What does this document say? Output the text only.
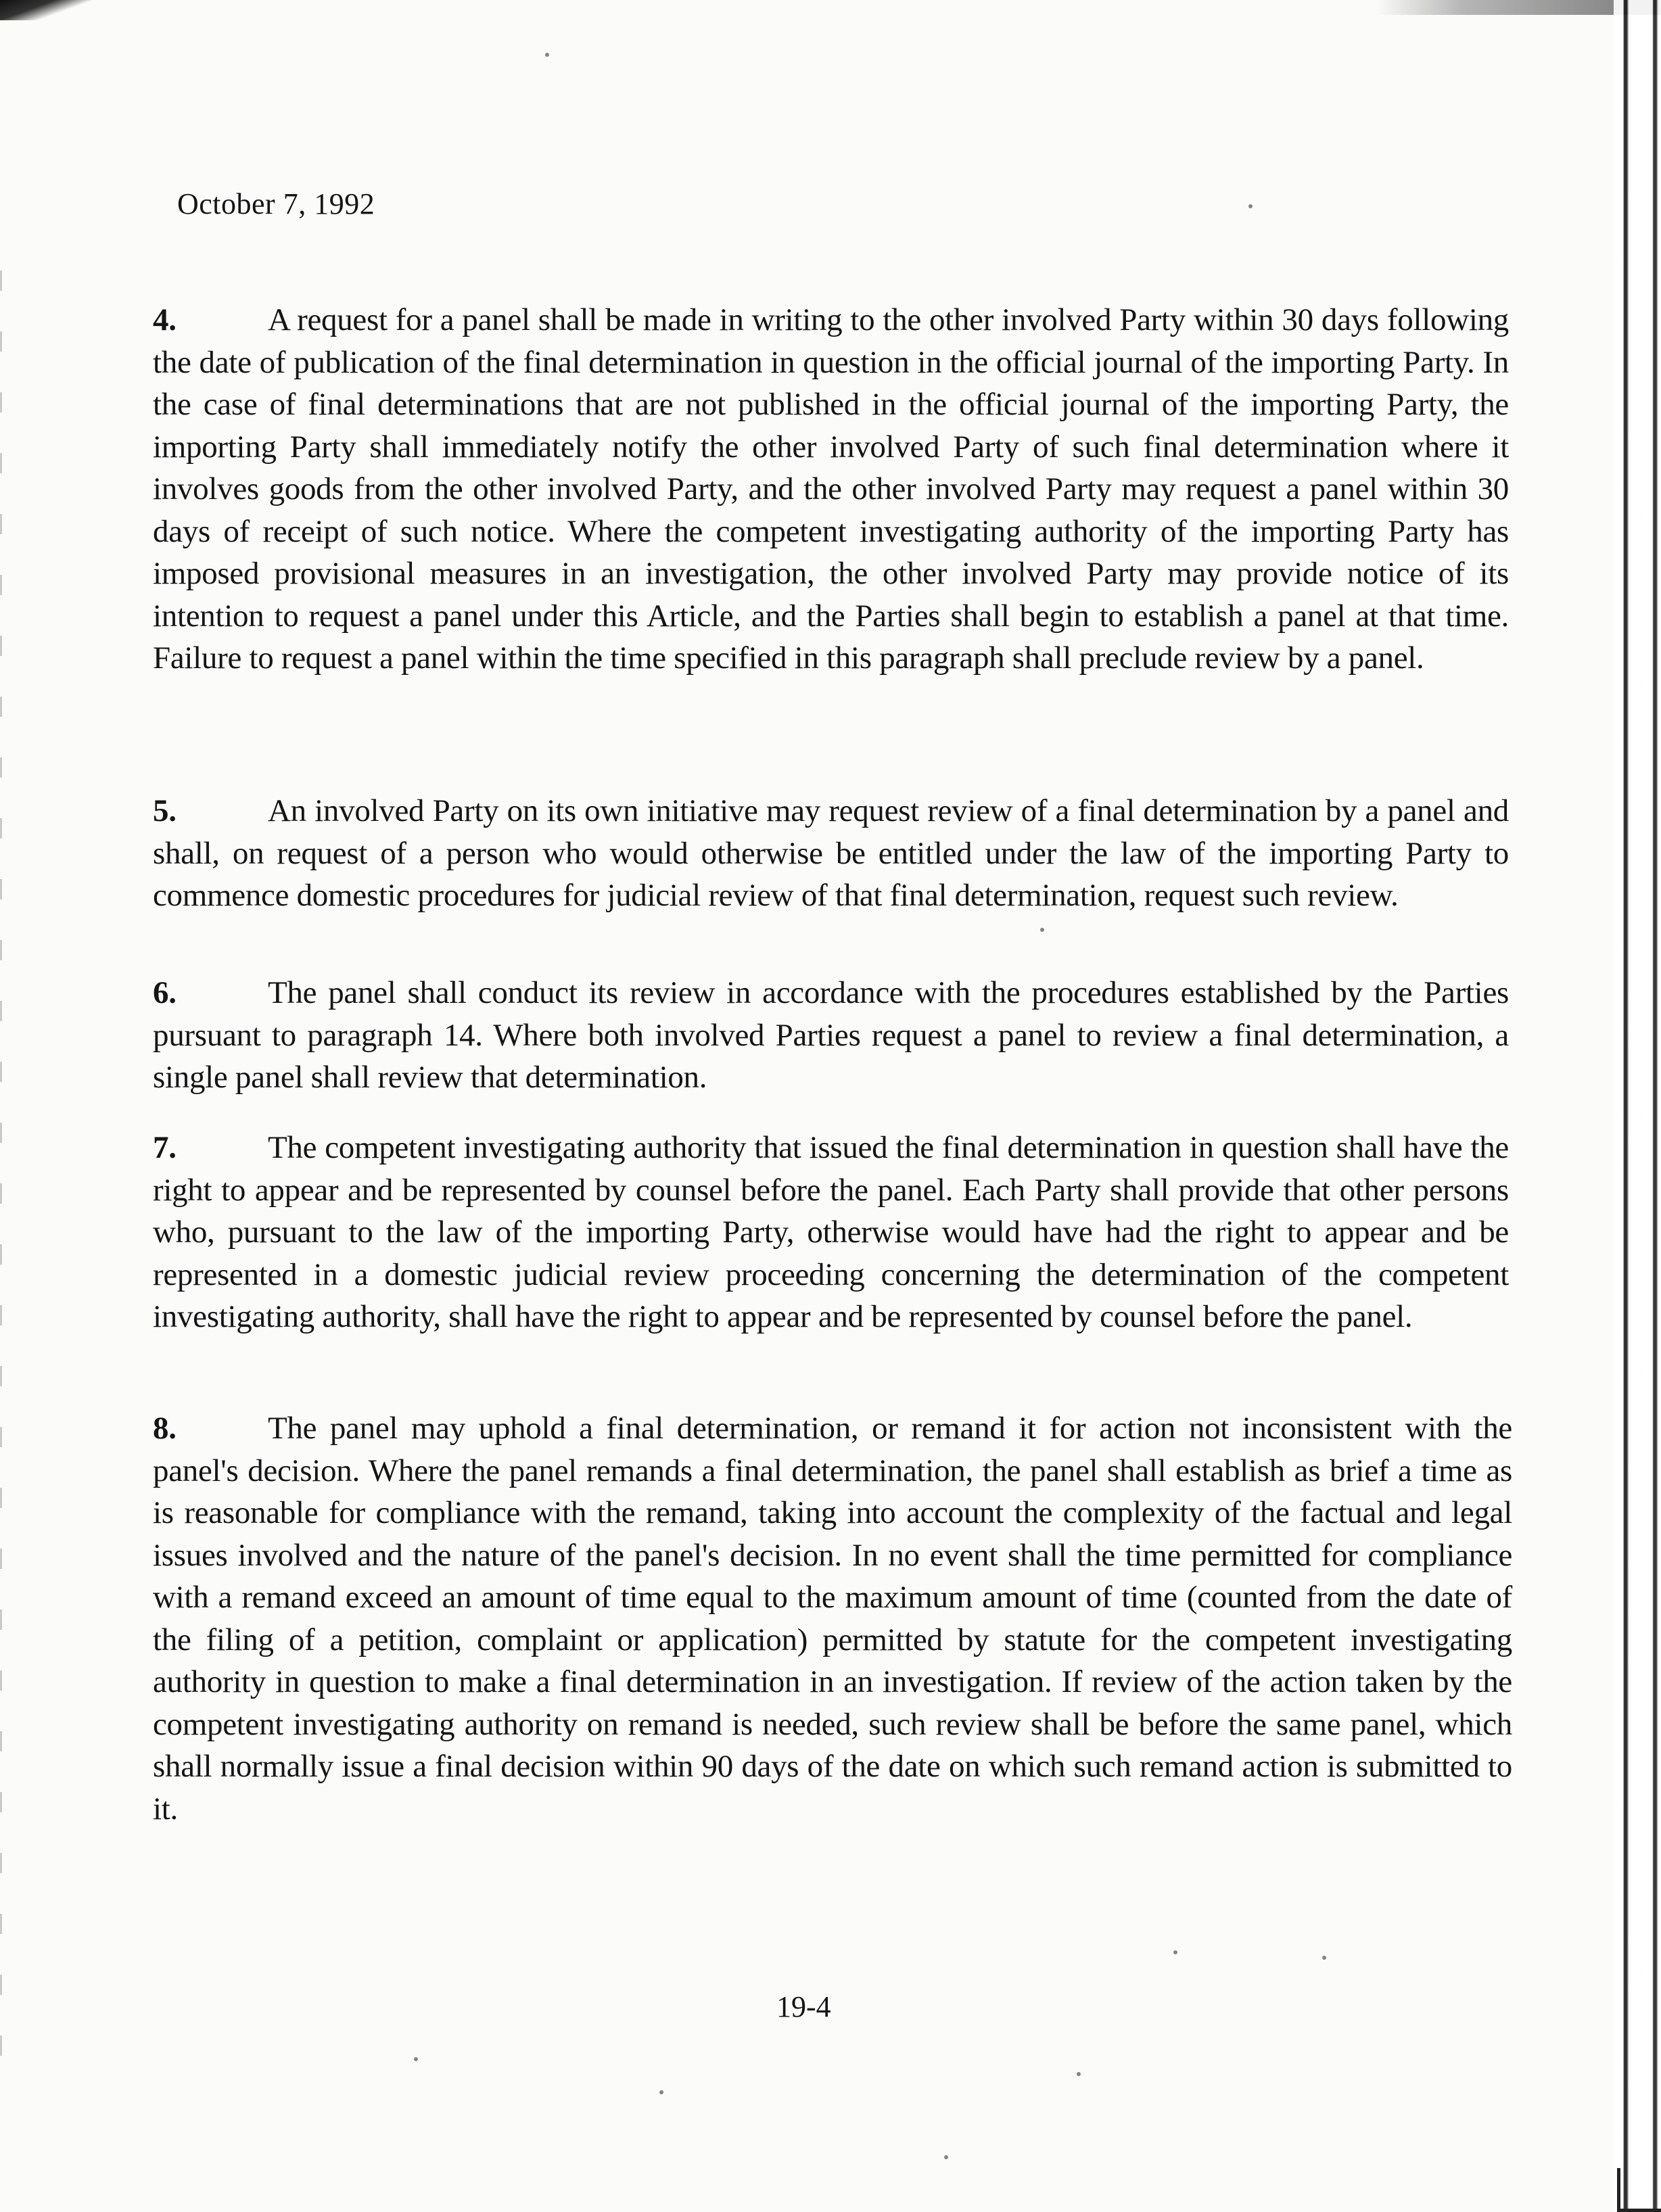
October 7, 1992
4.	A request for a panel shall be made in writing to the other involved Party within 30 days following the date of publication of the final determination in question in the official journal of the importing Party. In the case of final determinations that are not published in the official journal of the importing Party, the importing Party shall immediately notify the other involved Party of such final determination where it involves goods from the other involved Party, and the other involved Party may request a panel within 30 days of receipt of such notice. Where the competent investigating authority of the importing Party has imposed provisional measures in an investigation, the other involved Party may provide notice of its intention to request a panel under this Article, and the Parties shall begin to establish a panel at that time. Failure to request a panel within the time specified in this paragraph shall preclude review by a panel.
5.	An involved Party on its own initiative may request review of a final determination by a panel and shall, on request of a person who would otherwise be entitled under the law of the importing Party to commence domestic procedures for judicial review of that final determination, request such review.
6.	The panel shall conduct its review in accordance with the procedures established by the Parties pursuant to paragraph 14. Where both involved Parties request a panel to review a final determination, a single panel shall review that determination.
7.	The competent investigating authority that issued the final determination in question shall have the right to appear and be represented by counsel before the panel. Each Party shall provide that other persons who, pursuant to the law of the importing Party, otherwise would have had the right to appear and be represented in a domestic judicial review proceeding concerning the determination of the competent investigating authority, shall have the right to appear and be represented by counsel before the panel.
8.	The panel may uphold a final determination, or remand it for action not inconsistent with the panel's decision. Where the panel remands a final determination, the panel shall establish as brief a time as is reasonable for compliance with the remand, taking into account the complexity of the factual and legal issues involved and the nature of the panel's decision. In no event shall the time permitted for compliance with a remand exceed an amount of time equal to the maximum amount of time (counted from the date of the filing of a petition, complaint or application) permitted by statute for the competent investigating authority in question to make a final determination in an investigation. If review of the action taken by the competent investigating authority on remand is needed, such review shall be before the same panel, which shall normally issue a final decision within 90 days of the date on which such remand action is submitted to it.
19-4
